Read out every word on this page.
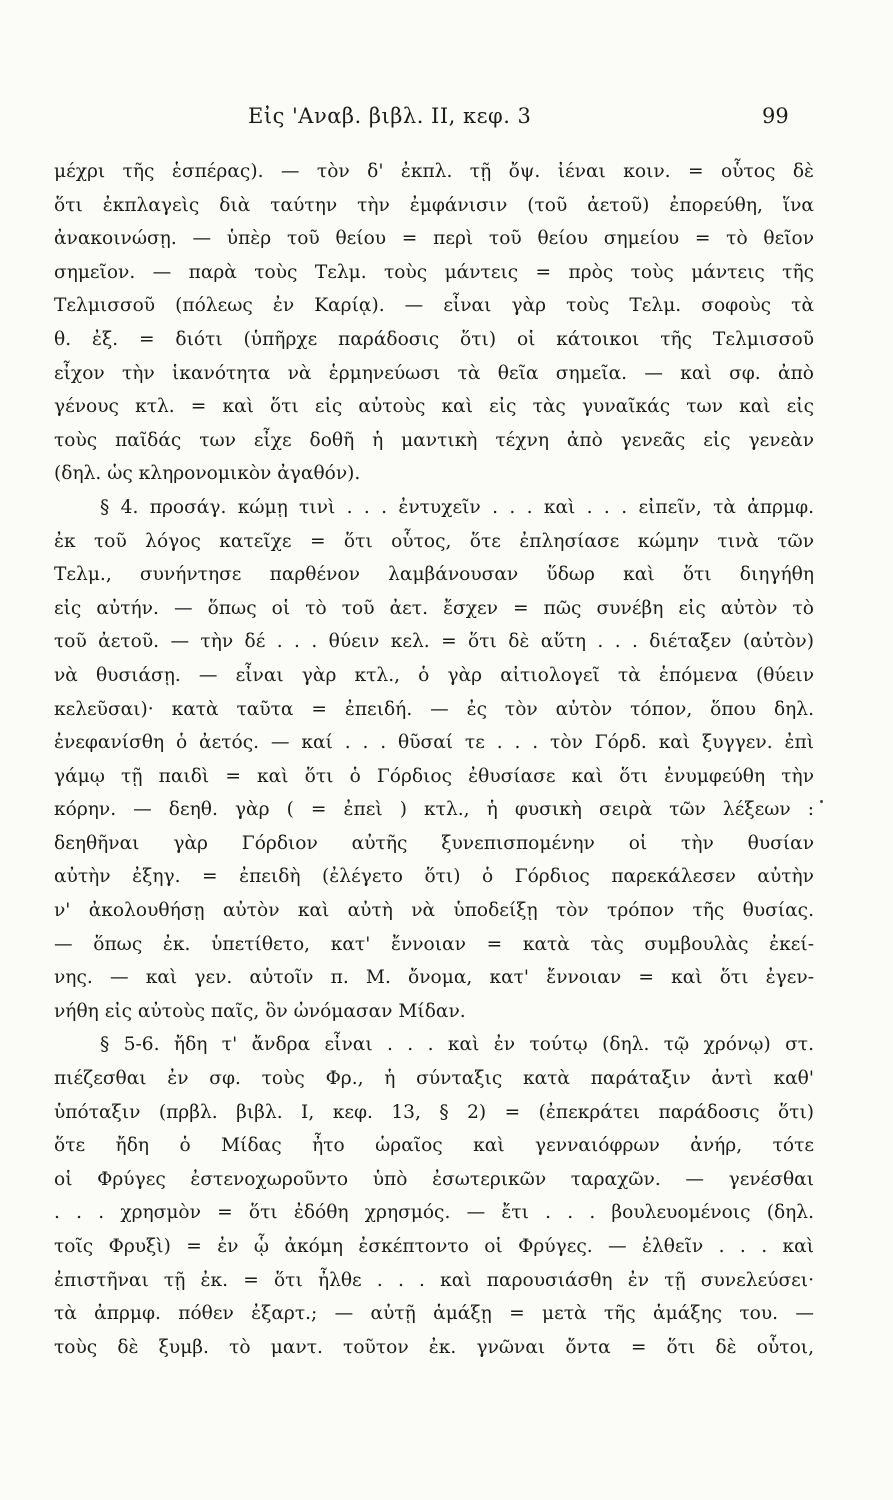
Εἰς 'Αναβ. βιβλ. ΙΙ, κεφ. 3	99
μέχρι τῆς ἑσπέρας). — τὸν δ' ἐκπλ. τῇ ὄψ. ἰέναι κοιν. = οὗτος δὲ
ὅτι ἐκπλαγεὶς διὰ ταύτην τὴν ἐμφάνισιν (τοῦ ἀετοῦ) ἐπορεύθη, ἵνα
ἀνακοινώσῃ. — ὑπὲρ τοῦ θείου = περὶ τοῦ θείου σημείου = τὸ θεῖον
σημεῖον. — παρὰ τοὺς Τελμ. τοὺς μάντεις = πρὸς τοὺς μάντεις τῆς
Τελμισσοῦ (πόλεως ἐν Καρίᾳ). — εἶναι γὰρ τοὺς Τελμ. σοφοὺς τὰ
θ. ἐξ. = διότι (ὑπῆρχε παράδοσις ὅτι) οἱ κάτοικοι τῆς Τελμισσοῦ
εἶχον τὴν ἱκανότητα νὰ ἑρμηνεύωσι τὰ θεῖα σημεῖα. — καὶ σφ. ἀπὸ
γένους κτλ. = καὶ ὅτι εἰς αὐτοὺς καὶ εἰς τὰς γυναῖκάς των καὶ εἰς
τοὺς παῖδάς των εἶχε δοθῆ ἡ μαντικὴ τέχνη ἀπὸ γενεᾶς εἰς γενεὰν
(δηλ. ὡς κληρονομικὸν ἀγαθόν).
§ 4. προσάγ. κώμῃ τινὶ . . . ἐντυχεῖν . . . καὶ . . . εἰπεῖν, τὰ ἀπρμφ.
ἐκ τοῦ λόγος κατεῖχε = ὅτι οὗτος, ὅτε ἐπλησίασε κώμην τινὰ τῶν
Τελμ., συνήντησε παρθένον λαμβάνουσαν ὕδωρ καὶ ὅτι διηγήθη
εἰς αὐτήν. — ὅπως οἱ τὸ τοῦ ἀετ. ἔσχεν = πῶς συνέβη εἰς αὐτὸν τὸ
τοῦ ἀετοῦ. — τὴν δέ . . . θύειν κελ. = ὅτι δὲ αὕτη . . . διέταξεν (αὐτὸν)
νὰ θυσιάσῃ. — εἶναι γὰρ κτλ., ὁ γὰρ αἰτιολογεῖ τὰ ἑπόμενα (θύειν
κελεῦσαι)· κατὰ ταῦτα = ἐπειδή. — ἐς τὸν αὐτὸν τόπον, ὅπου δηλ.
ἐνεφανίσθη ὁ ἀετός. — καί . . . θῦσαί τε . . . τὸν Γόρδ. καὶ ξυγγεν. ἐπὶ
γάμῳ τῇ παιδὶ = καὶ ὅτι ὁ Γόρδιος ἐθυσίασε καὶ ὅτι ἐνυμφεύθη τὴν
κόρην. — δεηθ. γὰρ ( = ἐπεὶ ) κτλ., ἡ φυσικὴ σειρὰ τῶν λέξεων :
δεηθῆναι γὰρ Γόρδιον αὐτῆς ξυνεπισπομένην οἱ τὴν θυσίαν
αὐτὴν ἐξηγ. = ἐπειδὴ (ἐλέγετο ὅτι) ὁ Γόρδιος παρεκάλεσεν αὐτὴν
ν' ἀκολουθήσῃ αὐτὸν καὶ αὐτὴ νὰ ὑποδείξῃ τὸν τρόπον τῆς θυσίας.
— ὅπως ἐκ. ὑπετίθετο, κατ' ἔννοιαν = κατὰ τὰς συμβουλὰς ἐκεί-
νης. — καὶ γεν. αὐτοῖν π. Μ. ὄνομα, κατ' ἔννοιαν = καὶ ὅτι ἐγεν-
νήθη εἰς αὐτοὺς παῖς, ὃν ὠνόμασαν Μίδαν.
§ 5-6. ἤδη τ' ἄνδρα εἶναι . . . καὶ ἐν τούτῳ (δηλ. τῷ χρόνῳ) στ.
πιέζεσθαι ἐν σφ. τοὺς Φρ., ἡ σύνταξις κατὰ παράταξιν ἀντὶ καθ'
ὑπόταξιν (πρβλ. βιβλ. Ι, κεφ. 13, § 2) = (ἐπεκράτει παράδοσις ὅτι)
ὅτε ἤδη ὁ Μίδας ἦτο ὡραῖος καὶ γενναιόφρων ἀνήρ, τότε
οἱ Φρύγες ἐστενοχωροῦντο ὑπὸ ἐσωτερικῶν ταραχῶν. — γενέσθαι
. . . χρησμὸν = ὅτι ἐδόθη χρησμός. — ἔτι . . . βουλευομένοις (δηλ.
τοῖς Φρυξὶ) = ἐν ᾧ ἀκόμη ἐσκέπτοντο οἱ Φρύγες. — ἐλθεῖν . . . καὶ
ἐπιστῆναι τῇ ἐκ. = ὅτι ἦλθε . . . καὶ παρουσιάσθη ἐν τῇ συνελεύσει·
τὰ ἀπρμφ. πόθεν ἐξαρτ.; — αὐτῇ ἁμάξῃ = μετὰ τῆς ἁμάξης του. —
τοὺς δὲ ξυμβ. τὸ μαντ. τοῦτον ἐκ. γνῶναι ὄντα = ὅτι δὲ οὗτοι,
